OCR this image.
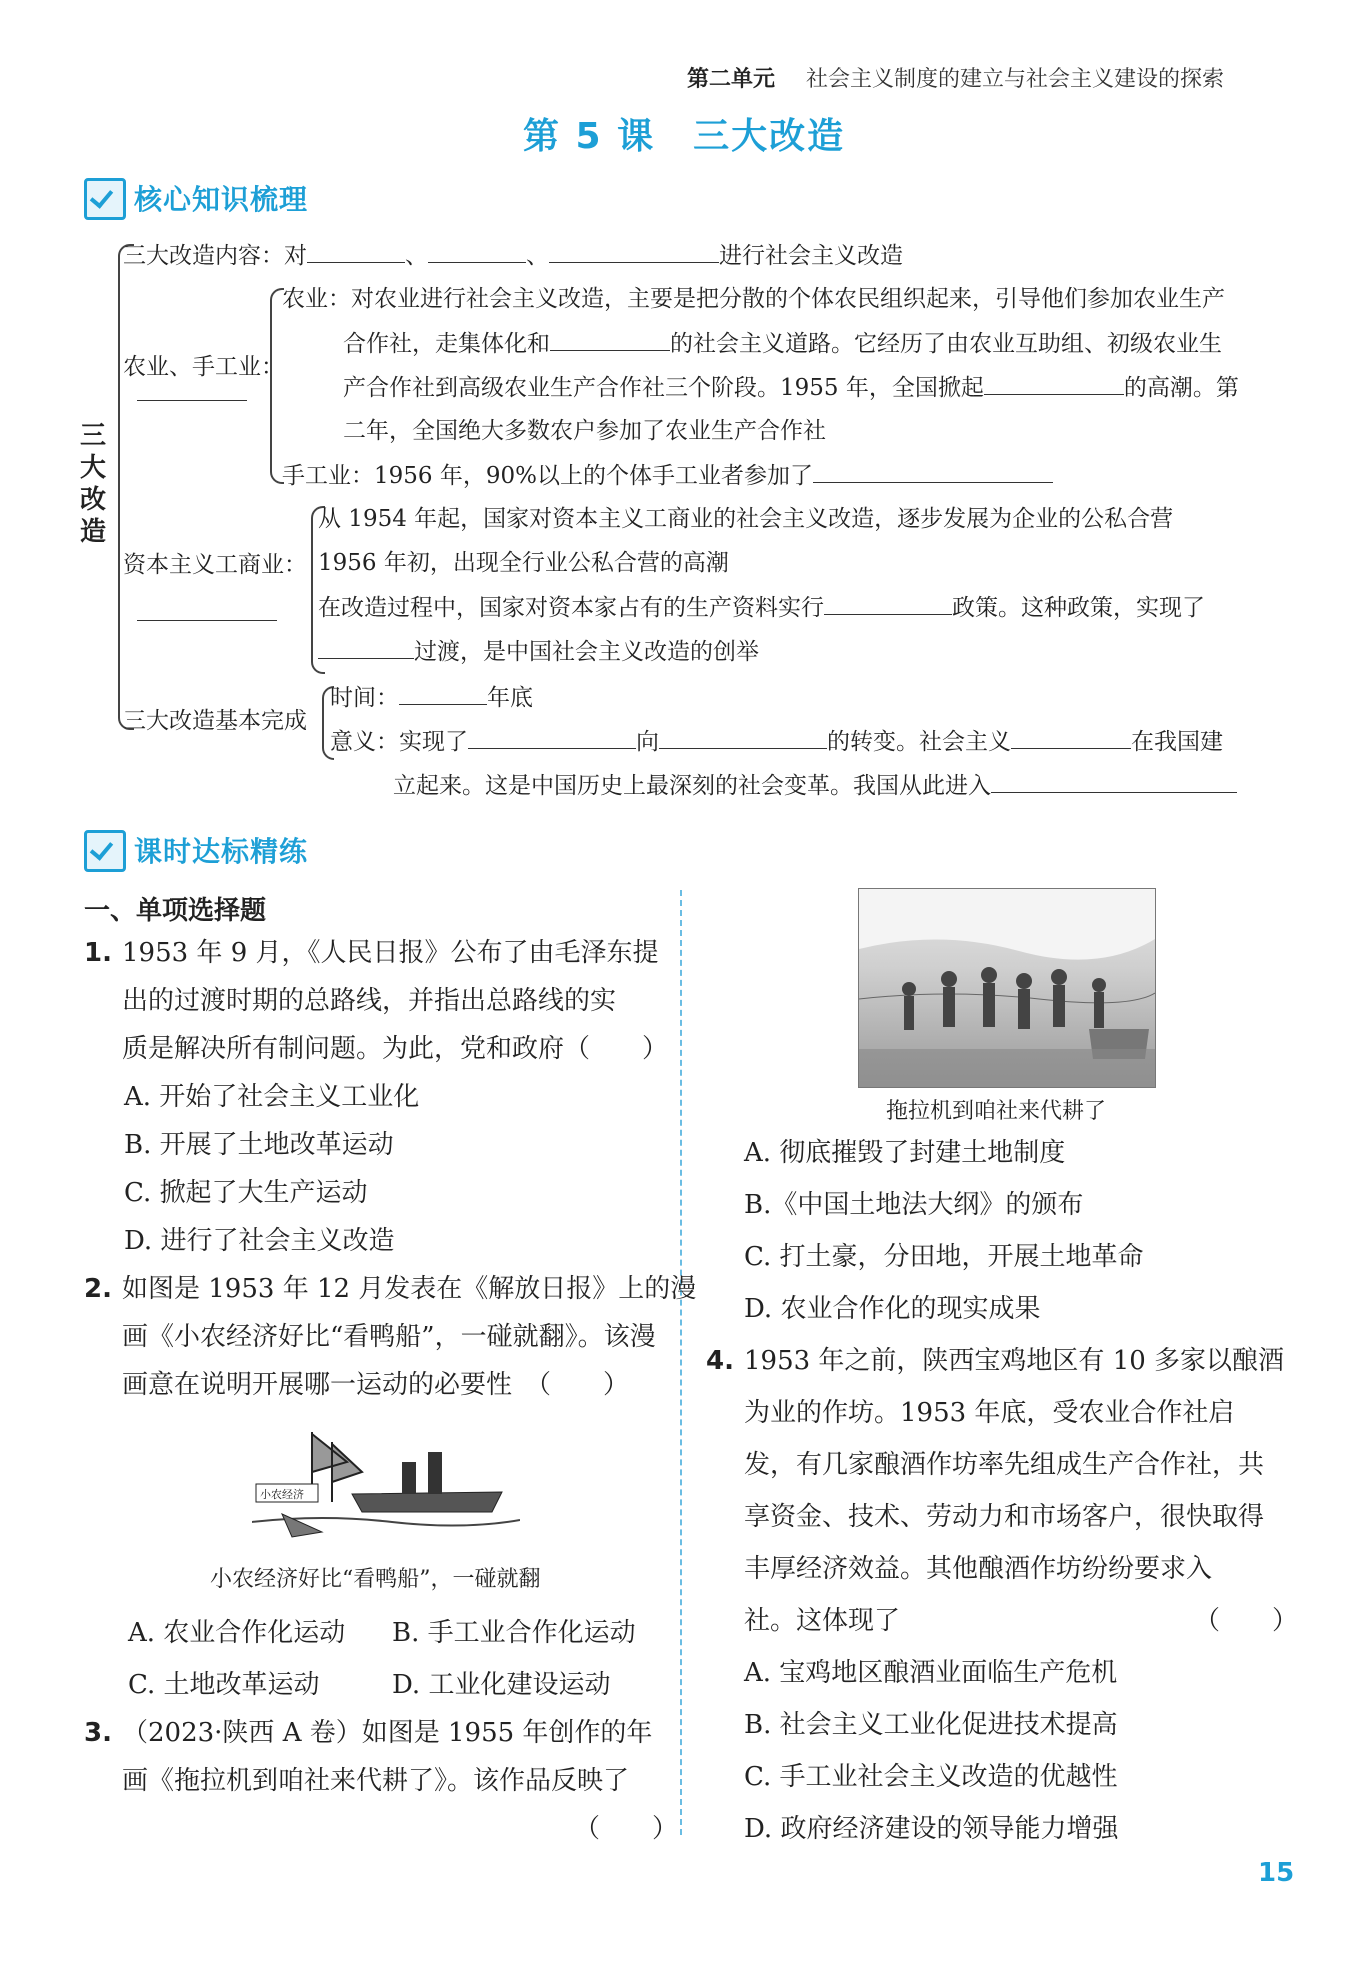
第二单元 社会主义制度的建立与社会主义建设的探索
第 5 课　三大改造
核心知识梳理
三大改造
三大改造内容：对	、	、	进行社会主义改造
农业、手工业：
农业：对农业进行社会主义改造，主要是把分散的个体农民组织起来，引导他们参加农业生产
合作社，走集体化和	的社会主义道路。它经历了由农业互助组、初级农业生
产合作社到高级农业生产合作社三个阶段。1955 年，全国掀起	的高潮。第
二年，全国绝大多数农户参加了农业生产合作社
手工业：1956 年，90%以上的个体手工业者参加了
资本主义工商业：
从 1954 年起，国家对资本主义工商业的社会主义改造，逐步发展为企业的公私合营
1956 年初，出现全行业公私合营的高潮
在改造过程中，国家对资本家占有的生产资料实行	政策。这种政策，实现了
过渡，是中国社会主义改造的创举
三大改造基本完成
时间：	年底
意义：实现了	向	的转变。社会主义	在我国建
立起来。这是中国历史上最深刻的社会变革。我国从此进入
课时达标精练
一、单项选择题
1. 1953 年 9 月，《人民日报》公布了由毛泽东提
出的过渡时期的总路线，并指出总路线的实
质是解决所有制问题。为此，党和政府（　　）
A. 开始了社会主义工业化
B. 开展了土地改革运动
C. 掀起了大生产运动
D. 进行了社会主义改造
2. 如图是 1953 年 12 月发表在《解放日报》上的漫
画《小农经济好比“看鸭船”，一碰就翻》。该漫
画意在说明开展哪一运动的必要性　（　　）
小农经济
小农经济好比“看鸭船”，一碰就翻
A. 农业合作化运动 B. 手工业合作化运动
C. 土地改革运动	D. 工业化建设运动
3. （2023·陕西 A 卷）如图是 1955 年创作的年
画《拖拉机到咱社来代耕了》。该作品反映了
（　　）
拖拉机到咱社来代耕了
A. 彻底摧毁了封建土地制度
B.《中国土地法大纲》的颁布
C. 打土豪，分田地，开展土地革命
D. 农业合作化的现实成果
4. 1953 年之前，陕西宝鸡地区有 10 多家以酿酒
为业的作坊。1953 年底，受农业合作社启
发，有几家酿酒作坊率先组成生产合作社，共
享资金、技术、劳动力和市场客户，很快取得
丰厚经济效益。其他酿酒作坊纷纷要求入
社。这体现了	（　　）
A. 宝鸡地区酿酒业面临生产危机
B. 社会主义工业化促进技术提高
C. 手工业社会主义改造的优越性
D. 政府经济建设的领导能力增强
15
